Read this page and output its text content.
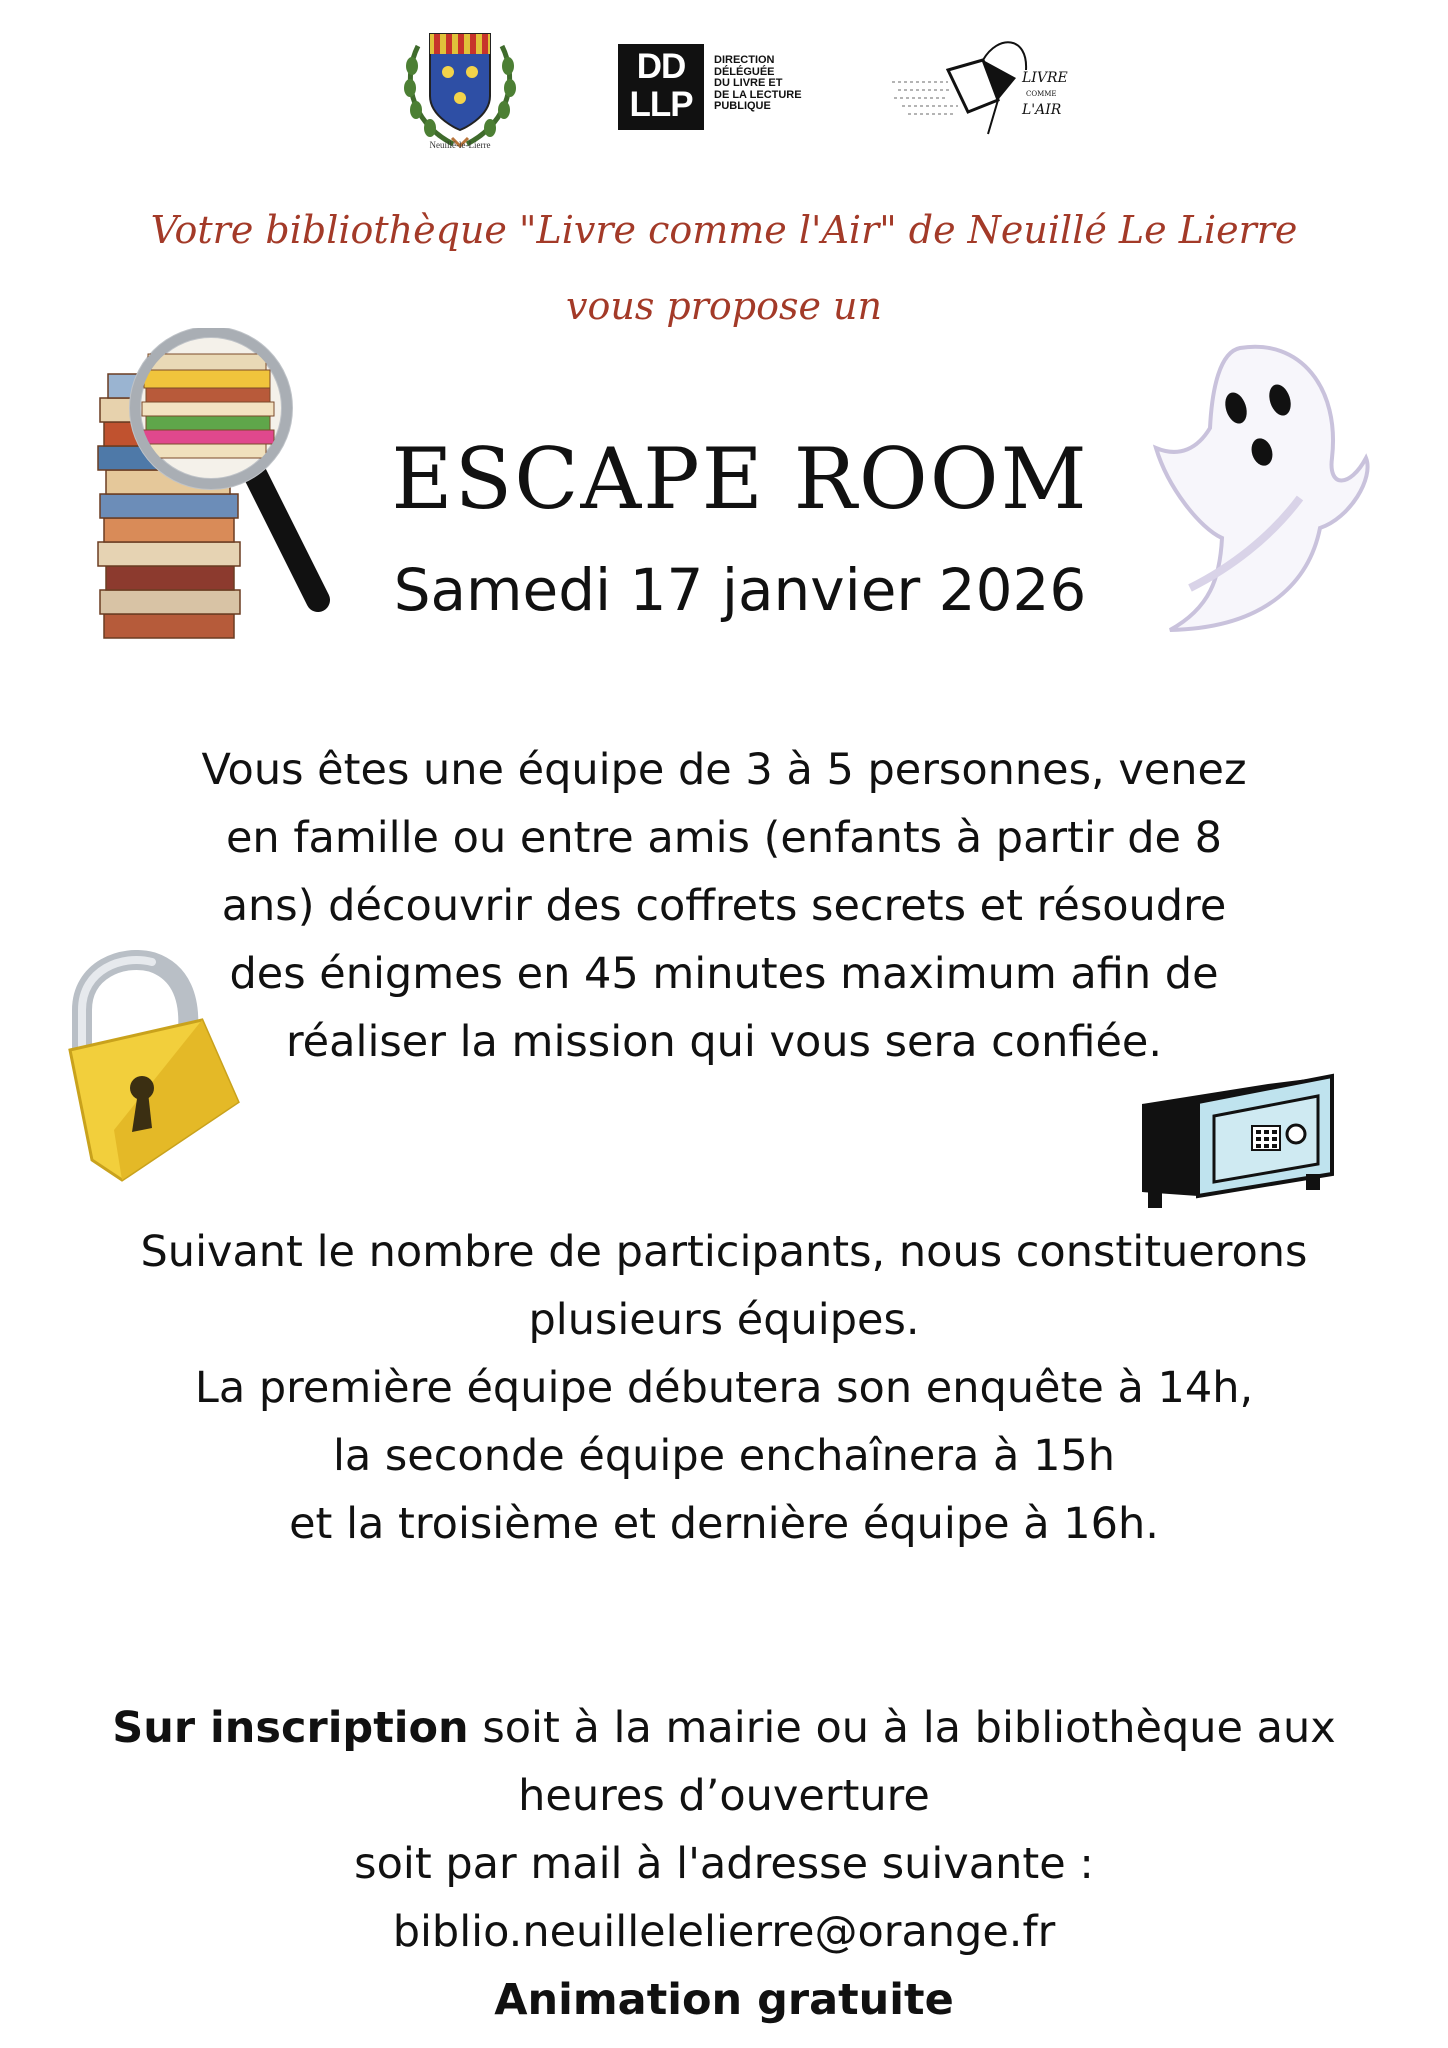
Neuillé-le-Lierre
DD LLP
DIRECTION
DÉLÉGUÉE
DU LIVRE ET
DE LA LECTURE
PUBLIQUE
LIVRE
COMME
L'AIR
Votre bibliothèque "Livre comme l'Air" de Neuillé Le Lierre
vous propose un
ESCAPE ROOM
Samedi 17 janvier 2026
Vous êtes une équipe de 3 à 5 personnes, venez
en famille ou entre amis (enfants à partir de 8
ans) découvrir des coffrets secrets et résoudre
des énigmes en 45 minutes maximum afin de
réaliser la mission qui vous sera confiée.
Suivant le nombre de participants, nous constituerons
plusieurs équipes.
La première équipe débutera son enquête à 14h,
la seconde équipe enchaînera à 15h
et la troisième et dernière équipe à 16h.
Sur inscription soit à la mairie ou à la bibliothèque aux
heures d’ouverture
soit par mail à l'adresse suivante :
biblio.neuillelelierre@orange.fr
Animation gratuite
